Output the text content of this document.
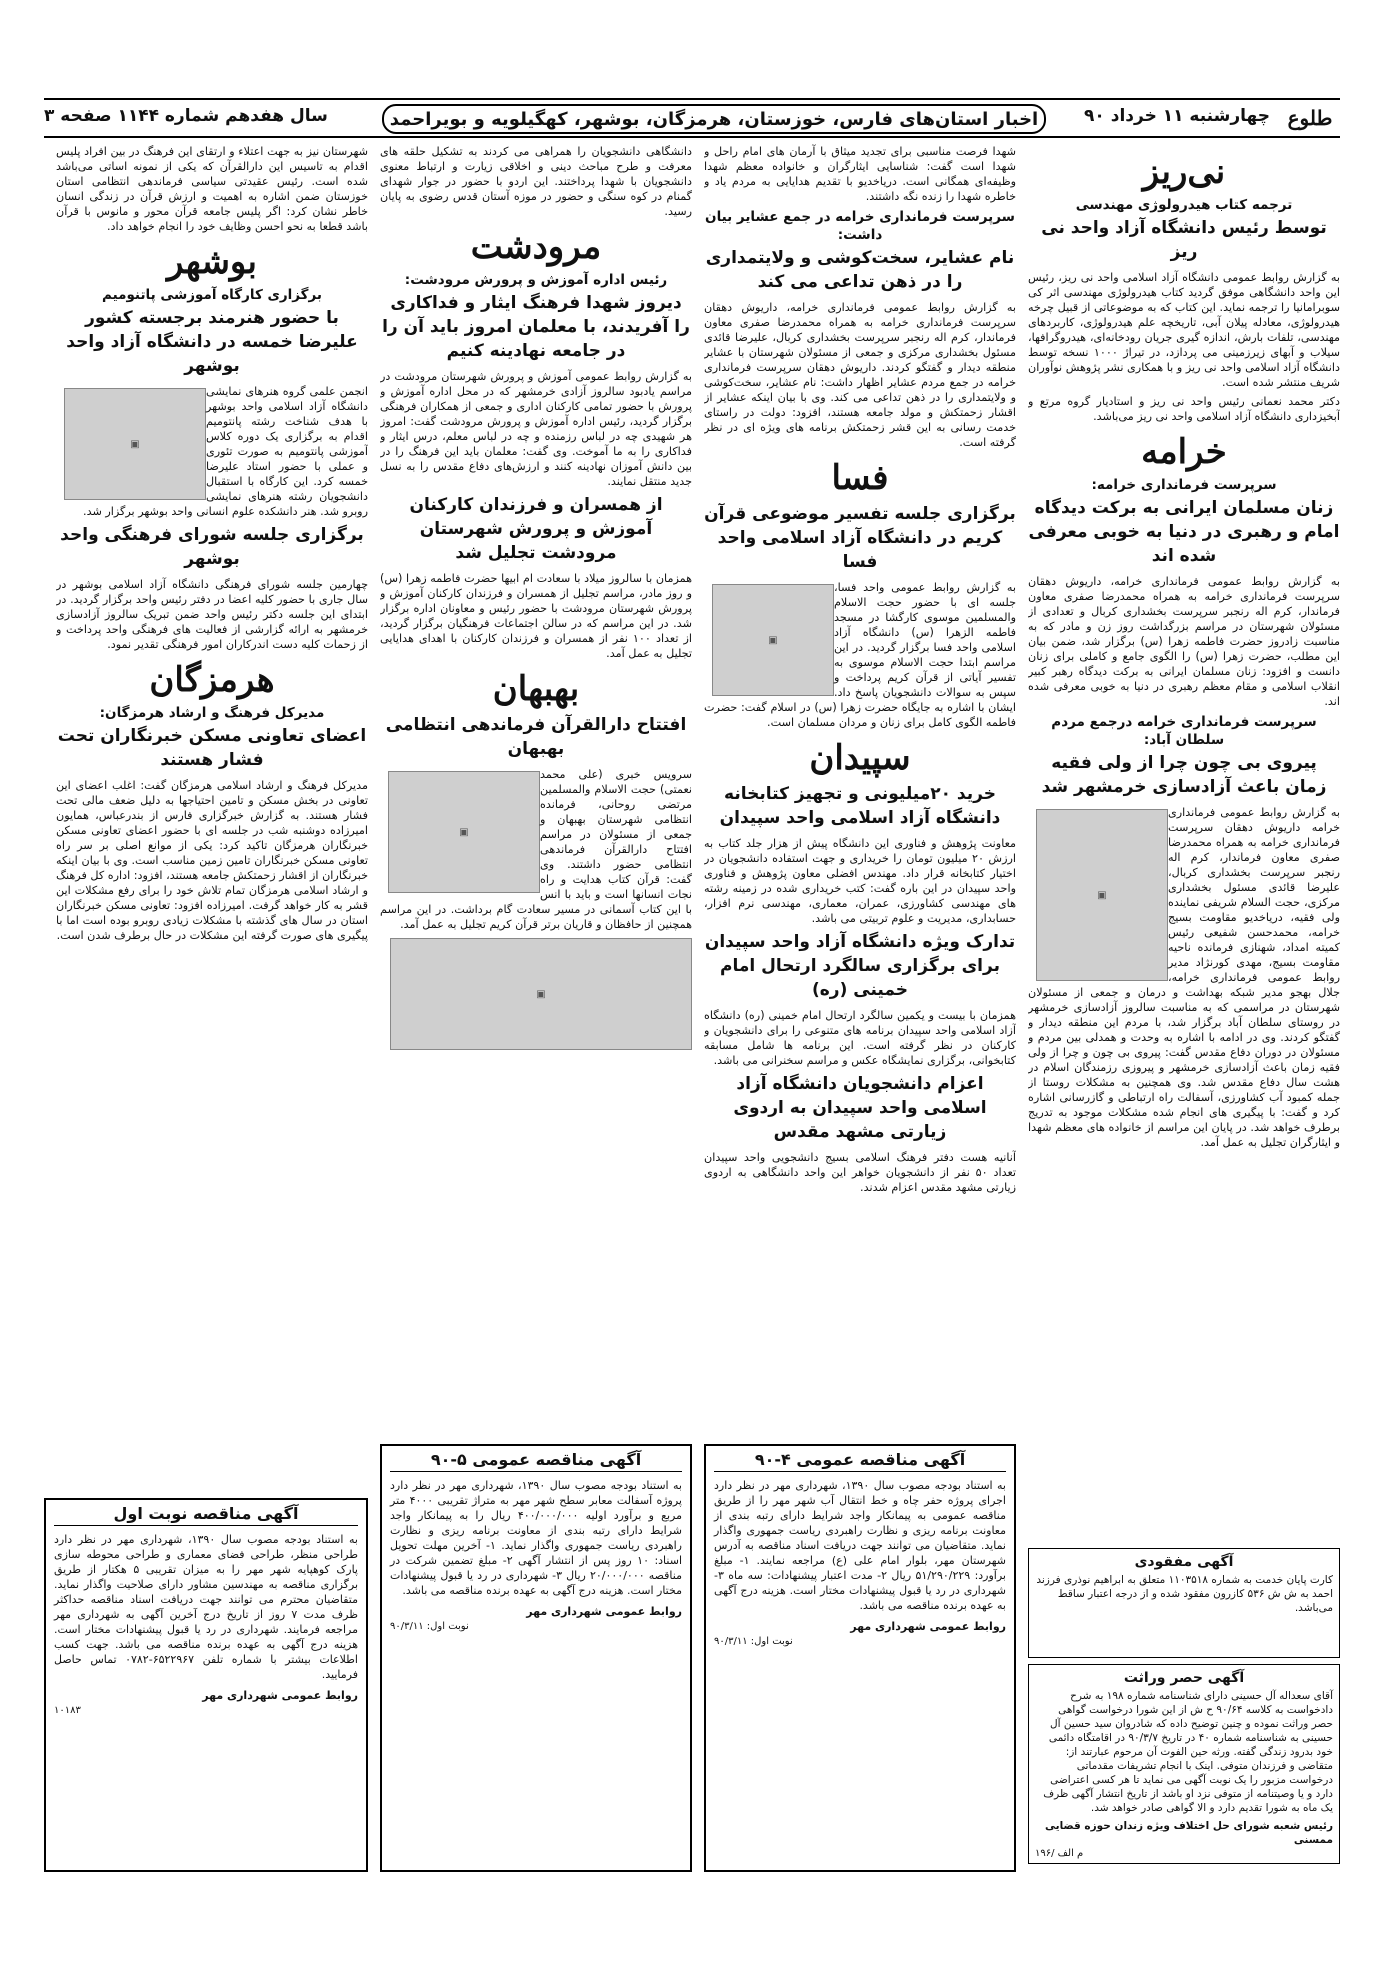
طلوع
چهارشنبه ۱۱ خرداد ۹۰
اخبار استان‌های فارس، خوزستان، هرمزگان، بوشهر، کهگیلویه و بویراحمد
سال هفدهم شماره ۱۱۴۴ صفحه ۳
نی‌ریز
ترجمه کتاب هیدرولوژی مهندسی
توسط رئیس دانشگاه آزاد واحد نی ریز

به گزارش روابط عمومی دانشگاه آزاد اسلامی واحد نی ریز، رئیس این واحد دانشگاهی موفق گردید کتاب هیدرولوژی مهندسی اثر کی سوبرامانیا را ترجمه نماید. این کتاب که به موضوعاتی از قبیل چرخه هیدرولوژی، معادله پیلان آبی، تاریخچه علم هیدرولوژی، کاربردهای مهندسی، تلفات بارش، اندازه گیری جریان رودخانه‌ای، هیدروگرافها، سیلاب و آبهای زیرزمینی می پردازد، در تیراژ ۱۰۰۰ نسخه توسط دانشگاه آزاد اسلامی واحد نی ریز و با همکاری نشر پژوهش نوآوران شریف منتشر شده است.

دکتر محمد نعمانی رئیس واحد نی ریز و استادیار گروه مرتع و آبخیزداری دانشگاه آزاد اسلامی واحد نی ریز می‌باشد.

خرامه
سرپرست فرمانداری خرامه:
زنان مسلمان ایرانی به برکت دیدگاه امام و رهبری در دنیا به خوبی معرفی شده اند

به گزارش روابط عمومی فرمانداری خرامه، داریوش دهقان سرپرست فرمانداری خرامه به همراه محمدرضا صفری معاون فرماندار، کرم اله رنجبر سرپرست بخشداری کربال و تعدادی از مسئولان شهرستان در مراسم بزرگداشت روز زن و مادر که به مناسبت زادروز حضرت فاطمه زهرا (س) برگزار شد، ضمن بیان این مطلب، حضرت زهرا (س) را الگوی جامع و کاملی برای زنان دانست و افزود: زنان مسلمان ایرانی به برکت دیدگاه رهبر کبیر انقلاب اسلامی و مقام معظم رهبری در دنیا به خوبی معرفی شده اند.

سرپرست فرمانداری خرامه درجمع مردم سلطان آباد:
پیروی بی چون چرا از ولی فقیه زمان باعث آزادسازی خرمشهر شد
▣

به گزارش روابط عمومی فرمانداری خرامه داریوش دهقان سرپرست فرمانداری خرامه به همراه محمدرضا صفری معاون فرماندار، کرم اله رنجبر سرپرست بخشداری کربال، علیرضا قائدی مسئول بخشداری مرکزی، حجت السلام شریفی نماینده ولی فقیه، دریاخدیو مقاومت بسیج خرامه، محمدحسن شفیعی رئیس کمیته امداد، شهنازی فرمانده ناحیه مقاومت بسیج، مهدی کورنژاد مدیر روابط عمومی فرمانداری خرامه، جلال بهجو مدیر شبکه بهداشت و درمان و جمعی از مسئولان شهرستان در مراسمی که به مناسبت سالروز آزادسازی خرمشهر در روستای سلطان آباد برگزار شد، با مردم این منطقه دیدار و گفتگو کردند. وی در ادامه با اشاره به وحدت و همدلی بین مردم و مسئولان در دوران دفاع مقدس گفت: پیروی بی چون و چرا از ولی فقیه زمان باعث آزادسازی خرمشهر و پیروزی رزمندگان اسلام در هشت سال دفاع مقدس شد. وی همچنین به مشکلات روستا از جمله کمبود آب کشاورزی، آسفالت راه ارتباطی و گازرسانی اشاره کرد و گفت: با پیگیری های انجام شده مشکلات موجود به تدریج برطرف خواهد شد. در پایان این مراسم از خانواده های معظم شهدا و ایثارگران تجلیل به عمل آمد.

آگهی مفقودی
کارت پایان خدمت به شماره ۱۱۰۳۵۱۸ متعلق به ابراهیم نوذری فرزند احمد به ش ش ۵۳۶ کازرون مفقود شده و از درجه اعتبار ساقط می‌باشد.
آگهی حصر وراثت
آقای سعداله آل حسینی دارای شناسنامه شماره ۱۹۸ به شرح دادخواست به کلاسه ۹۰/۶۴ ح ش از این شورا درخواست گواهی حصر وراثت نموده و چنین توضیح داده که شادروان سید حسین آل حسینی به شناسنامه شماره ۴۰ در تاریخ ۹۰/۳/۷ در اقامتگاه دائمی خود بدرود زندگی گفته. ورثه حین الفوت آن مرحوم عبارتند از: متقاضی و فرزندان متوفی. اینک با انجام تشریفات مقدماتی درخواست مزبور را یک نوبت آگهی می نماید تا هر کسی اعتراضی دارد و یا وصیتنامه از متوفی نزد او باشد از تاریخ انتشار آگهی ظرف یک ماه به شورا تقدیم دارد و الا گواهی صادر خواهد شد.
رئیس شعبه شورای حل اختلاف ویژه زندان حوزه قضایی ممسنی
۱۹۶/ م الف

شهدا فرصت مناسبی برای تجدید میثاق با آرمان های امام راحل و شهدا است گفت: شناسایی ایثارگران و خانواده معظم شهدا وظیفه‌ای همگانی است. دریاخدیو با تقدیم هدایایی به مردم یاد و خاطره شهدا را زنده نگه داشتند.

سرپرست فرمانداری خرامه در جمع عشایر بیان داشت:
نام عشایر، سخت‌کوشی و ولایتمداری را در ذهن تداعی می کند

به گزارش روابط عمومی فرمانداری خرامه، داریوش دهقان سرپرست فرمانداری خرامه به همراه محمدرضا صفری معاون فرماندار، کرم اله رنجبر سرپرست بخشداری کربال، علیرضا قائدی مسئول بخشداری مرکزی و جمعی از مسئولان شهرستان با عشایر منطقه دیدار و گفتگو کردند. داریوش دهقان سرپرست فرمانداری خرامه در جمع مردم عشایر اظهار داشت: نام عشایر، سخت‌کوشی و ولایتمداری را در ذهن تداعی می کند. وی با بیان اینکه عشایر از اقشار زحمتکش و مولد جامعه هستند، افزود: دولت در راستای خدمت رسانی به این قشر زحمتکش برنامه های ویژه ای در نظر گرفته است.

فسا
برگزاری جلسه تفسیر موضوعی قرآن کریم در دانشگاه آزاد اسلامی واحد فسا
▣

به گزارش روابط عمومی واحد فسا، جلسه ای با حضور حجت الاسلام والمسلمین موسوی کارگشا در مسجد فاطمه الزهرا (س) دانشگاه آزاد اسلامی واحد فسا برگزار گردید. در این مراسم ابتدا حجت الاسلام موسوی به تفسیر آیاتی از قرآن کریم پرداخت و سپس به سوالات دانشجویان پاسخ داد. ایشان با اشاره به جایگاه حضرت زهرا (س) در اسلام گفت: حضرت فاطمه الگوی کامل برای زنان و مردان مسلمان است.

سپیدان
خرید ۲۰میلیونی و تجهیز کتابخانه دانشگاه آزاد اسلامی واحد سپیدان

معاونت پژوهش و فناوری این دانشگاه پیش از هزار جلد کتاب به ارزش ۲۰ میلیون تومان را خریداری و جهت استفاده دانشجویان در اختیار کتابخانه قرار داد. مهندس افضلی معاون پژوهش و فناوری واحد سپیدان در این باره گفت: کتب خریداری شده در زمینه رشته های مهندسی کشاورزی، عمران، معماری، مهندسی نرم افزار، حسابداری، مدیریت و علوم تربیتی می باشد.

تدارک ویژه دانشگاه آزاد واحد سپیدان برای برگزاری سالگرد ارتحال امام خمینی (ره)

همزمان با بیست و یکمین سالگرد ارتحال امام خمینی (ره) دانشگاه آزاد اسلامی واحد سپیدان برنامه های متنوعی را برای دانشجویان و کارکنان در نظر گرفته است. این برنامه ها شامل مسابقه کتابخوانی، برگزاری نمایشگاه عکس و مراسم سخنرانی می باشد.

اعزام دانشجویان دانشگاه آزاد اسلامی واحد سپیدان به اردوی زیارتی مشهد مقدس

آنانیه هست دفتر فرهنگ اسلامی بسیج دانشجویی واحد سپیدان تعداد ۵۰ نفر از دانشجویان خواهر این واحد دانشگاهی به اردوی زیارتی مشهد مقدس اعزام شدند.

آگهی مناقصه عمومی ۴-۹۰
به استناد بودجه مصوب سال ۱۳۹۰، شهرداری مهر در نظر دارد اجرای پروژه حفر چاه و خط انتقال آب شهر مهر را از طریق مناقصه عمومی به پیمانکار واجد شرایط دارای رتبه بندی از معاونت برنامه ریزی و نظارت راهبردی ریاست جمهوری واگذار نماید. متقاضیان می توانند جهت دریافت اسناد مناقصه به آدرس شهرستان مهر، بلوار امام علی (ع) مراجعه نمایند. ۱- مبلغ برآورد: ۵۱/۲۹۰/۲۲۹ ریال ۲- مدت اعتبار پیشنهادات: سه ماه ۳- شهرداری در رد یا قبول پیشنهادات مختار است. هزینه درج آگهی به عهده برنده مناقصه می باشد.
روابط عمومی شهرداری مهر
نوبت اول: ۹۰/۳/۱۱

دانشگاهی دانشجویان را همراهی می کردند به تشکیل حلقه های معرفت و طرح مباحث دینی و اخلاقی زیارت و ارتباط معنوی دانشجویان با شهدا پرداختند. این اردو با حضور در جوار شهدای گمنام در کوه سنگی و حضور در موزه آستان قدس رضوی به پایان رسید.

مرودشت
رئیس اداره آموزش و پرورش مرودشت:
دیروز شهدا فرهنگ ایثار و فداکاری را آفریدند، با معلمان امروز باید آن را در جامعه نهادینه کنیم

به گزارش روابط عمومی آموزش و پرورش شهرستان مرودشت در مراسم یادبود سالروز آزادی خرمشهر که در محل اداره آموزش و پرورش با حضور تمامی کارکنان اداری و جمعی از همکاران فرهنگی برگزار گردید، رئیس اداره آموزش و پرورش مرودشت گفت: امروز هر شهیدی چه در لباس رزمنده و چه در لباس معلم، درس ایثار و فداکاری را به ما آموخت. وی گفت: معلمان باید این فرهنگ را در بین دانش آموزان نهادینه کنند و ارزش‌های دفاع مقدس را به نسل جدید منتقل نمایند.

از همسران و فرزندان کارکنان آموزش و پرورش شهرستان مرودشت تجلیل شد

همزمان با سالروز میلاد با سعادت ام ابیها حضرت فاطمه زهرا (س) و روز مادر، مراسم تجلیل از همسران و فرزندان کارکنان آموزش و پرورش شهرستان مرودشت با حضور رئیس و معاونان اداره برگزار شد. در این مراسم که در سالن اجتماعات فرهنگیان برگزار گردید، از تعداد ۱۰۰ نفر از همسران و فرزندان کارکنان با اهدای هدایایی تجلیل به عمل آمد.

بهبهان
افتتاح دارالقرآن فرماندهی انتظامی بهبهان
▣

سرویس خبری (علی محمد نعمتی) حجت الاسلام والمسلمین مرتضی روحانی، فرمانده انتظامی شهرستان بهبهان و جمعی از مسئولان در مراسم افتتاح دارالقرآن فرماندهی انتظامی حضور داشتند. وی گفت: قرآن کتاب هدایت و راه نجات انسانها است و باید با انس با این کتاب آسمانی در مسیر سعادت گام برداشت. در این مراسم همچنین از حافظان و قاریان برتر قرآن کریم تجلیل به عمل آمد.

▣
آگهی مناقصه عمومی ۵-۹۰
به استناد بودجه مصوب سال ۱۳۹۰، شهرداری مهر در نظر دارد پروژه آسفالت معابر سطح شهر مهر به متراژ تقریبی ۴۰۰۰ متر مربع و برآورد اولیه ۴۰۰/۰۰۰/۰۰۰ ریال را به پیمانکار واجد شرایط دارای رتبه بندی از معاونت برنامه ریزی و نظارت راهبردی ریاست جمهوری واگذار نماید. ۱- آخرین مهلت تحویل اسناد: ۱۰ روز پس از انتشار آگهی ۲- مبلغ تضمین شرکت در مناقصه ۲۰/۰۰۰/۰۰۰ ریال ۳- شهرداری در رد یا قبول پیشنهادات مختار است. هزینه درج آگهی به عهده برنده مناقصه می باشد.
روابط عمومی شهرداری مهر
نوبت اول: ۹۰/۳/۱۱

شهرستان نیز به جهت اعتلاء و ارتقای این فرهنگ در بین افراد پلیس اقدام به تاسیس این دارالقرآن که یکی از نمونه اساتی می‌باشد شده است. رئیس عقیدتی سیاسی فرماندهی انتظامی استان خوزستان ضمن اشاره به اهمیت و ارزش قرآن در زندگی انسان خاطر نشان کرد: اگر پلیس جامعه قرآن محور و مانوس با قرآن باشد قطعا به نحو احسن وظایف خود را انجام خواهد داد.

بوشهر
برگزاری کارگاه آموزشی پاتنومیم
با حضور هنرمند برجسته کشور علیرضا خمسه در دانشگاه آزاد واحد بوشهر
▣

انجمن علمی گروه هنرهای نمایشی دانشگاه آزاد اسلامی واحد بوشهر با هدف شناخت رشته پانتومیم اقدام به برگزاری یک دوره کلاس آموزشی پانتومیم به صورت تئوری و عملی با حضور استاد علیرضا خمسه کرد. این کارگاه با استقبال دانشجویان رشته هنرهای نمایشی روبرو شد. هنر دانشکده علوم انسانی واحد بوشهر برگزار شد.

برگزاری جلسه شورای فرهنگی واحد بوشهر

چهارمین جلسه شورای فرهنگی دانشگاه آزاد اسلامی بوشهر در سال جاری با حضور کلیه اعضا در دفتر رئیس واحد برگزار گردید. در ابتدای این جلسه دکتر رئیس واحد ضمن تبریک سالروز آزادسازی خرمشهر به ارائه گزارشی از فعالیت های فرهنگی واحد پرداخت و از زحمات کلیه دست اندرکاران امور فرهنگی تقدیر نمود.

هرمزگان
مدیرکل فرهنگ و ارشاد هرمزگان:
اعضای تعاونی مسکن خبرنگاران تحت فشار هستند

مدیرکل فرهنگ و ارشاد اسلامی هرمزگان گفت: اغلب اعضای این تعاونی در بخش مسکن و تامین احتیاجها به دلیل ضعف مالی تحت فشار هستند. به گزارش خبرگزاری فارس از بندرعباس، همایون امیرزاده دوشنبه شب در جلسه ای با حضور اعضای تعاونی مسکن خبرنگاران هرمزگان تاکید کرد: یکی از موانع اصلی بر سر راه تعاونی مسکن خبرنگاران تامین زمین مناسب است. وی با بیان اینکه خبرنگاران از اقشار زحمتکش جامعه هستند، افزود: اداره کل فرهنگ و ارشاد اسلامی هرمزگان تمام تلاش خود را برای رفع مشکلات این قشر به کار خواهد گرفت. امیرزاده افزود: تعاونی مسکن خبرنگاران استان در سال های گذشته با مشکلات زیادی روبرو بوده است اما با پیگیری های صورت گرفته این مشکلات در حال برطرف شدن است.

آگهی مناقصه نوبت اول
به استناد بودجه مصوب سال ۱۳۹۰، شهرداری مهر در نظر دارد طراحی منظر، طراحی فضای معماری و طراحی محوطه سازی پارک کوهپایه شهر مهر را به میزان تقریبی ۵ هکتار از طریق برگزاری مناقصه به مهندسین مشاور دارای صلاحیت واگذار نماید. متقاضیان محترم می توانند جهت دریافت اسناد مناقصه حداکثر ظرف مدت ۷ روز از تاریخ درج آخرین آگهی به شهرداری مهر مراجعه فرمایند. شهرداری در رد یا قبول پیشنهادات مختار است. هزینه درج آگهی به عهده برنده مناقصه می باشد. جهت کسب اطلاعات بیشتر با شماره تلفن ۶۵۲۲۹۶۷-۰۷۸۲ تماس حاصل فرمایید.
روابط عمومی شهرداری مهر
۱۰۱۸۳
